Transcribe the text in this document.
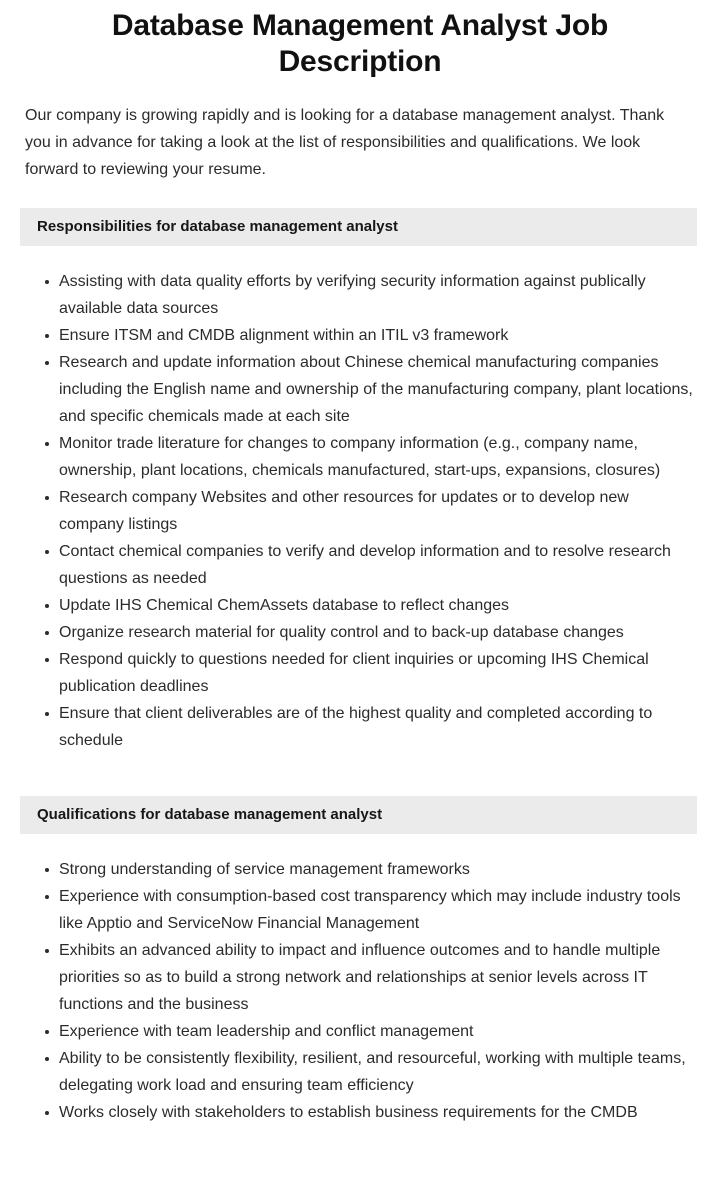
Database Management Analyst Job Description

Our company is growing rapidly and is looking for a database management analyst. Thank you in advance for taking a look at the list of responsibilities and qualifications. We look forward to reviewing your resume.

Responsibilities for database management analyst
Assisting with data quality efforts by verifying security information against publically available data sources
Ensure ITSM and CMDB alignment within an ITIL v3 framework
Research and update information about Chinese chemical manufacturing companies including the English name and ownership of the manufacturing company, plant locations, and specific chemicals made at each site
Monitor trade literature for changes to company information (e.g., company name, ownership, plant locations, chemicals manufactured, start-ups, expansions, closures)
Research company Websites and other resources for updates or to develop new company listings
Contact chemical companies to verify and develop information and to resolve research questions as needed
Update IHS Chemical ChemAssets database to reflect changes
Organize research material for quality control and to back-up database changes
Respond quickly to questions needed for client inquiries or upcoming IHS Chemical publication deadlines
Ensure that client deliverables are of the highest quality and completed according to schedule
Qualifications for database management analyst
Strong understanding of service management frameworks
Experience with consumption-based cost transparency which may include industry tools like Apptio and ServiceNow Financial Management
Exhibits an advanced ability to impact and influence outcomes and to handle multiple priorities so as to build a strong network and relationships at senior levels across IT functions and the business
Experience with team leadership and conflict management
Ability to be consistently flexibility, resilient, and resourceful, working with multiple teams, delegating work load and ensuring team efficiency
Works closely with stakeholders to establish business requirements for the CMDB
